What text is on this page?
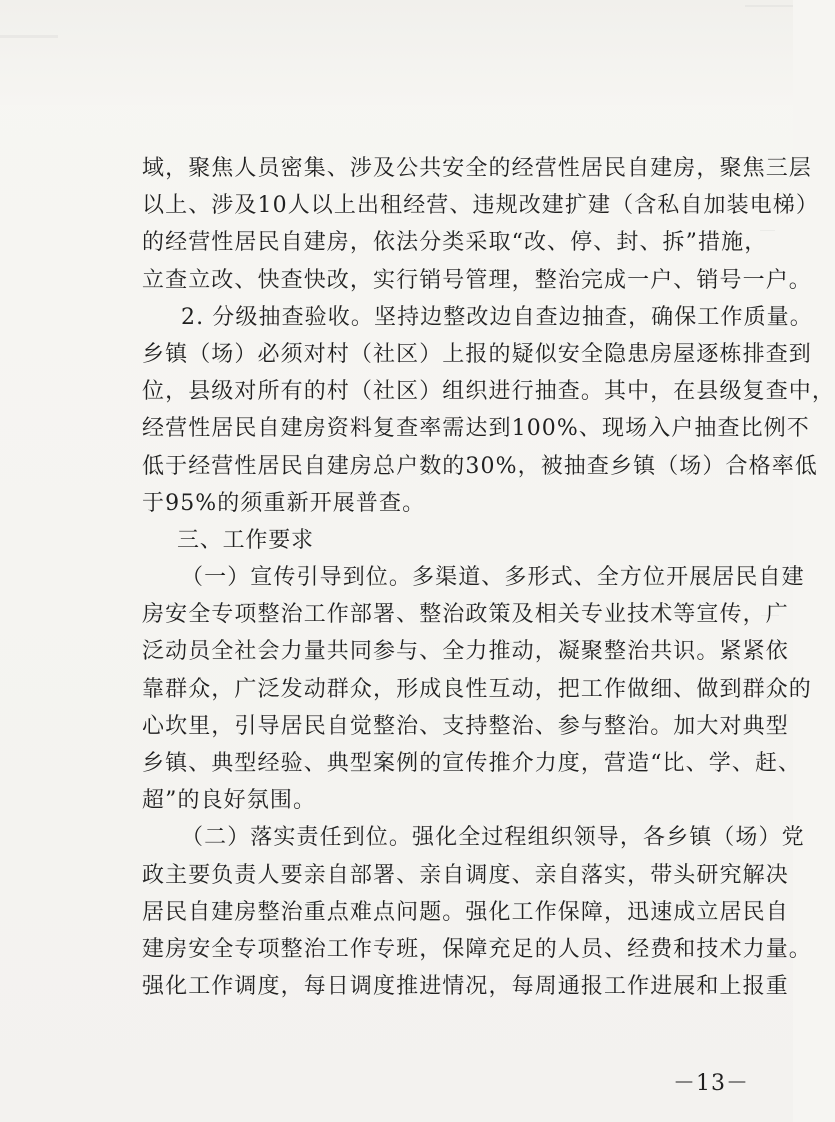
域，聚焦人员密集、涉及公共安全的经营性居民自建房，聚焦三层
以上、涉及10人以上出租经营、违规改建扩建（含私自加装电梯）
的经营性居民自建房，依法分类采取“改、停、封、拆”措施，
立查立改、快查快改，实行销号管理，整治完成一户、销号一户。
2. 分级抽查验收。坚持边整改边自查边抽查，确保工作质量。
乡镇（场）必须对村（社区）上报的疑似安全隐患房屋逐栋排查到
位，县级对所有的村（社区）组织进行抽查。其中，在县级复查中，
经营性居民自建房资料复查率需达到100%、现场入户抽查比例不
低于经营性居民自建房总户数的30%，被抽查乡镇（场）合格率低
于95%的须重新开展普查。
三、工作要求
（一）宣传引导到位。多渠道、多形式、全方位开展居民自建
房安全专项整治工作部署、整治政策及相关专业技术等宣传，广
泛动员全社会力量共同参与、全力推动，凝聚整治共识。紧紧依
靠群众，广泛发动群众，形成良性互动，把工作做细、做到群众的
心坎里，引导居民自觉整治、支持整治、参与整治。加大对典型
乡镇、典型经验、典型案例的宣传推介力度，营造“比、学、赶、
超”的良好氛围。
（二）落实责任到位。强化全过程组织领导，各乡镇（场）党
政主要负责人要亲自部署、亲自调度、亲自落实，带头研究解决
居民自建房整治重点难点问题。强化工作保障，迅速成立居民自
建房安全专项整治工作专班，保障充足的人员、经费和技术力量。
强化工作调度，每日调度推进情况，每周通报工作进展和上报重
－13－
